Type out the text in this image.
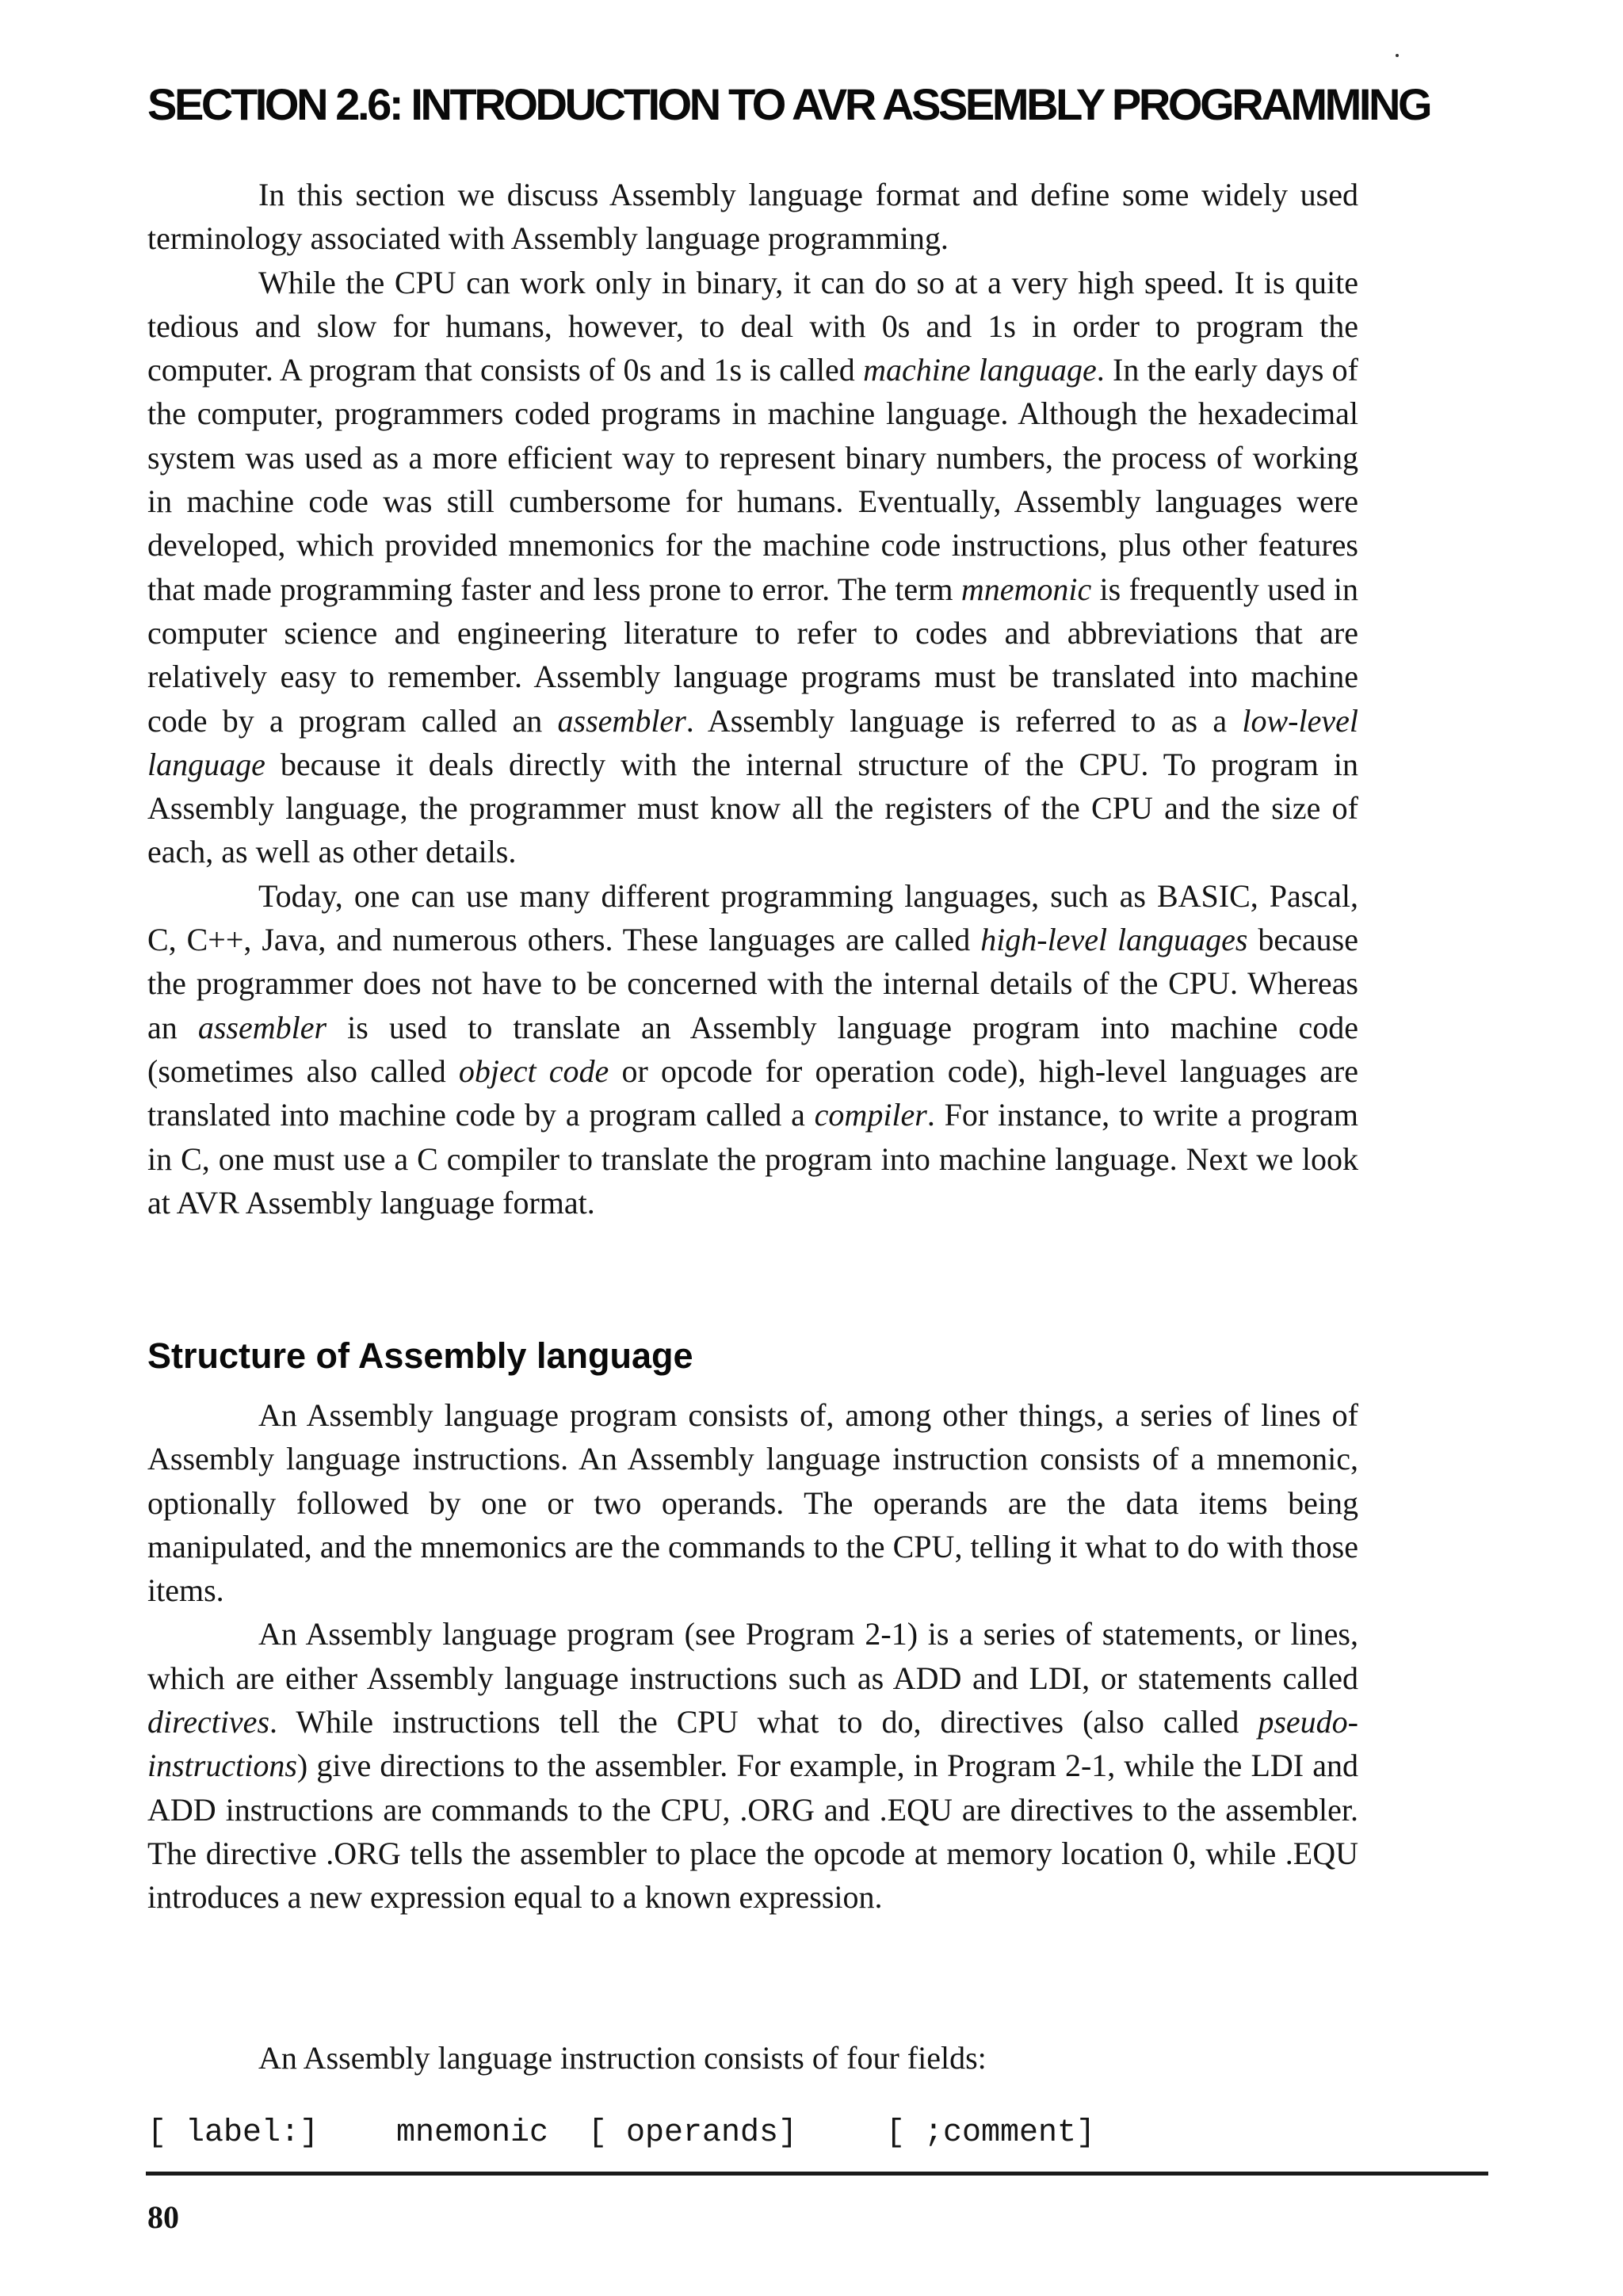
SECTION 2.6: INTRODUCTION TO AVR ASSEMBLY PROGRAMMING

In this section we discuss Assembly language format and define some widely used terminology associated with Assembly language programming.

While the CPU can work only in binary, it can do so at a very high speed. It is quite tedious and slow for humans, however, to deal with 0s and 1s in order to program the computer. A program that consists of 0s and 1s is called machine language. In the early days of the computer, programmers coded programs in machine language. Although the hexadecimal system was used as a more efficient way to represent binary numbers, the process of working in machine code was still cumbersome for humans. Eventually, Assembly languages were developed, which provided mnemonics for the machine code instructions, plus other features that made programming faster and less prone to error. The term mnemonic is frequently used in computer science and engineering literature to refer to codes and abbreviations that are relatively easy to remember. Assembly language programs must be translated into machine code by a program called an assembler. Assembly language is referred to as a low-level language because it deals directly with the internal structure of the CPU. To program in Assembly language, the programmer must know all the registers of the CPU and the size of each, as well as other details.

Today, one can use many different programming languages, such as BASIC, Pascal, C, C++, Java, and numerous others. These languages are called high-level languages because the programmer does not have to be concerned with the internal details of the CPU. Whereas an assembler is used to translate an Assembly language program into machine code (sometimes also called object code or opcode for operation code), high-level languages are translated into machine code by a program called a compiler. For instance, to write a program in C, one must use a C compiler to translate the program into machine language. Next we look at AVR Assembly language format.

Structure of Assembly language

An Assembly language program consists of, among other things, a series of lines of Assembly language instructions. An Assembly language instruction consists of a mnemonic, optionally followed by one or two operands. The operands are the data items being manipulated, and the mnemonics are the commands to the CPU, telling it what to do with those items.

An Assembly language program (see Program 2-1) is a series of statements, or lines, which are either Assembly language instructions such as ADD and LDI, or statements called directives. While instructions tell the CPU what to do, directives (also called pseudo-instructions) give directions to the assembler. For example, in Program 2-1, while the LDI and ADD instructions are commands to the CPU, .ORG and .EQU are directives to the assembler. The directive .ORG tells the assembler to place the opcode at memory location 0, while .EQU introduces a new expression equal to a known expression.

An Assembly language instruction consists of four fields:
[ label:] mnemonic [ operands]	[ ;comment]
80
